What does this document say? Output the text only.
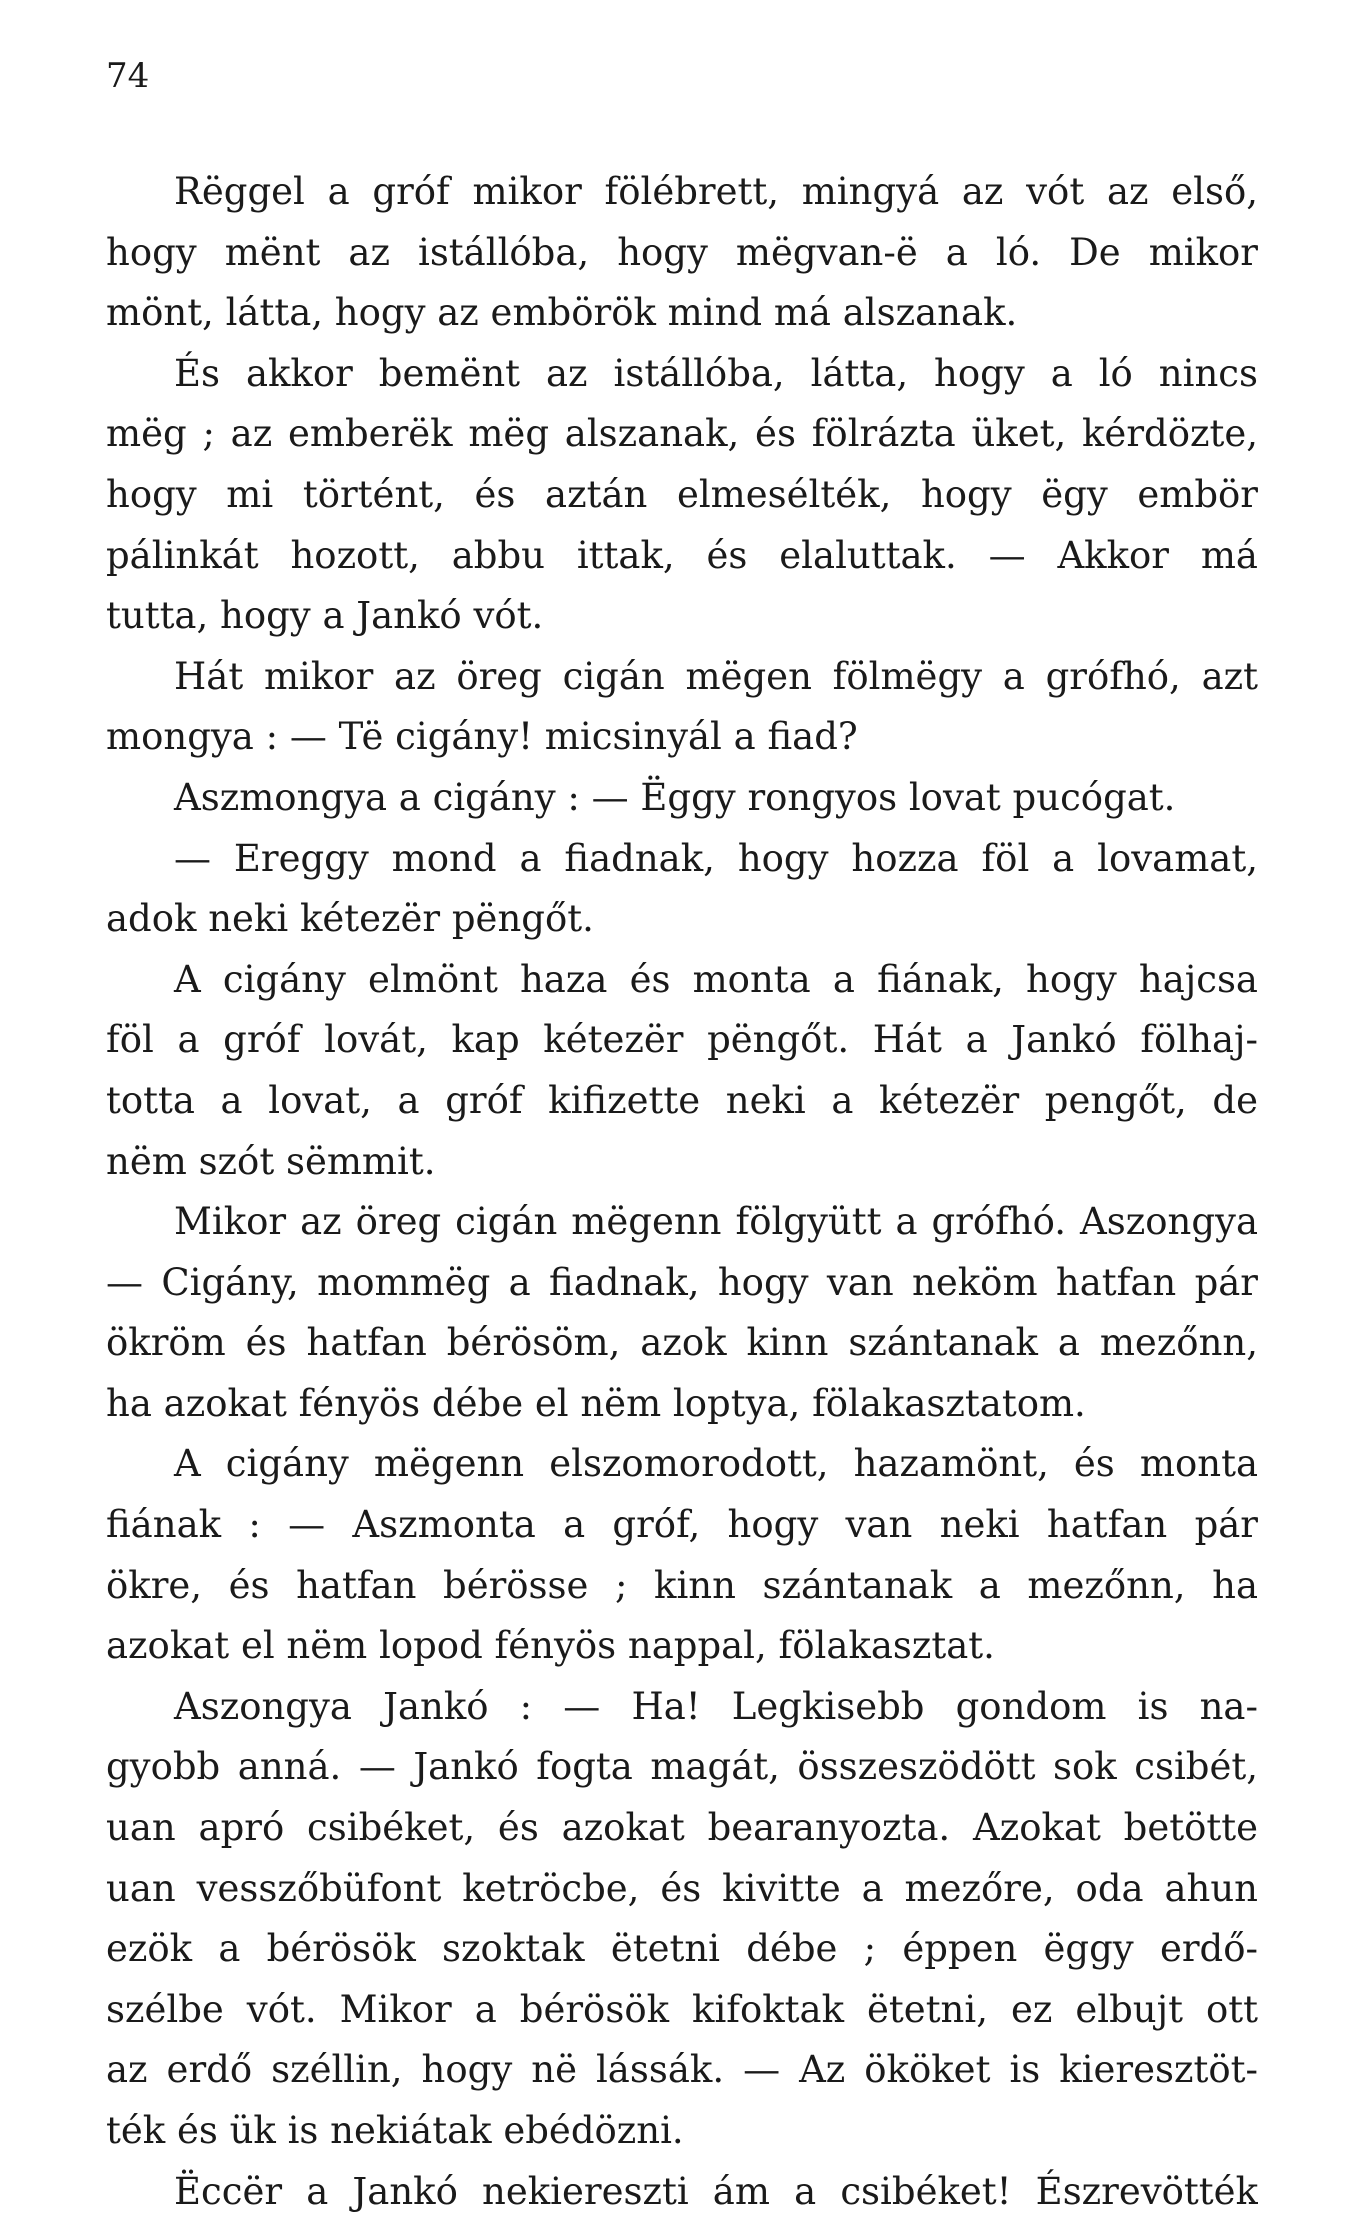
74
Rëggel a gróf mikor fölébrett, mingyá az vót az első,
hogy mënt az istállóba, hogy mëgvan-ë a ló. De mikor
mönt, látta, hogy az embörök mind má alszanak.
És akkor bemënt az istállóba, látta, hogy a ló nincs
mëg ; az emberëk mëg alszanak, és fölrázta üket, kérdözte,
hogy mi történt, és aztán elmesélték, hogy ëgy embör
pálinkát hozott, abbu ittak, és elaluttak. — Akkor má
tutta, hogy a Jankó vót.
Hát mikor az öreg cigán mëgen fölmëgy a grófhó, azt
mongya : — Të cigány! micsinyál a fiad?
Aszmongya a cigány : — Ëggy rongyos lovat pucógat.
— Ereggy mond a fiadnak, hogy hozza föl a lovamat,
adok neki kétezër pëngőt.
A cigány elmönt haza és monta a fiának, hogy hajcsa
föl a gróf lovát, kap kétezër pëngőt. Hát a Jankó fölhaj-
totta a lovat, a gróf kifizette neki a kétezër pengőt, de
nëm szót sëmmit.
Mikor az öreg cigán mëgenn fölgyütt a grófhó. Aszongya
— Cigány, mommëg a fiadnak, hogy van neköm hatfan pár
ökröm és hatfan bérösöm, azok kinn szántanak a mezőnn,
ha azokat fényös débe el nëm loptya, fölakasztatom.
A cigány mëgenn elszomorodott, hazamönt, és monta
fiának : — Aszmonta a gróf, hogy van neki hatfan pár
ökre, és hatfan bérösse ; kinn szántanak a mezőnn, ha
azokat el nëm lopod fényös nappal, fölakasztat.
Aszongya Jankó : — Ha! Legkisebb gondom is na-
gyobb anná. — Jankó fogta magát, összeszödött sok csibét,
uan apró csibéket, és azokat bearanyozta. Azokat betötte
uan vesszőbüfont ketröcbe, és kivitte a mezőre, oda ahun
ezök a bérösök szoktak ëtetni débe ; éppen ëggy erdő-
szélbe vót. Mikor a bérösök kifoktak ëtetni, ez elbujt ott
az erdő széllin, hogy në lássák. — Az ököket is kieresztöt-
ték és ük is nekiátak ebédözni.
Ëccër a Jankó nekiereszti ám a csibéket! Észrevötték
